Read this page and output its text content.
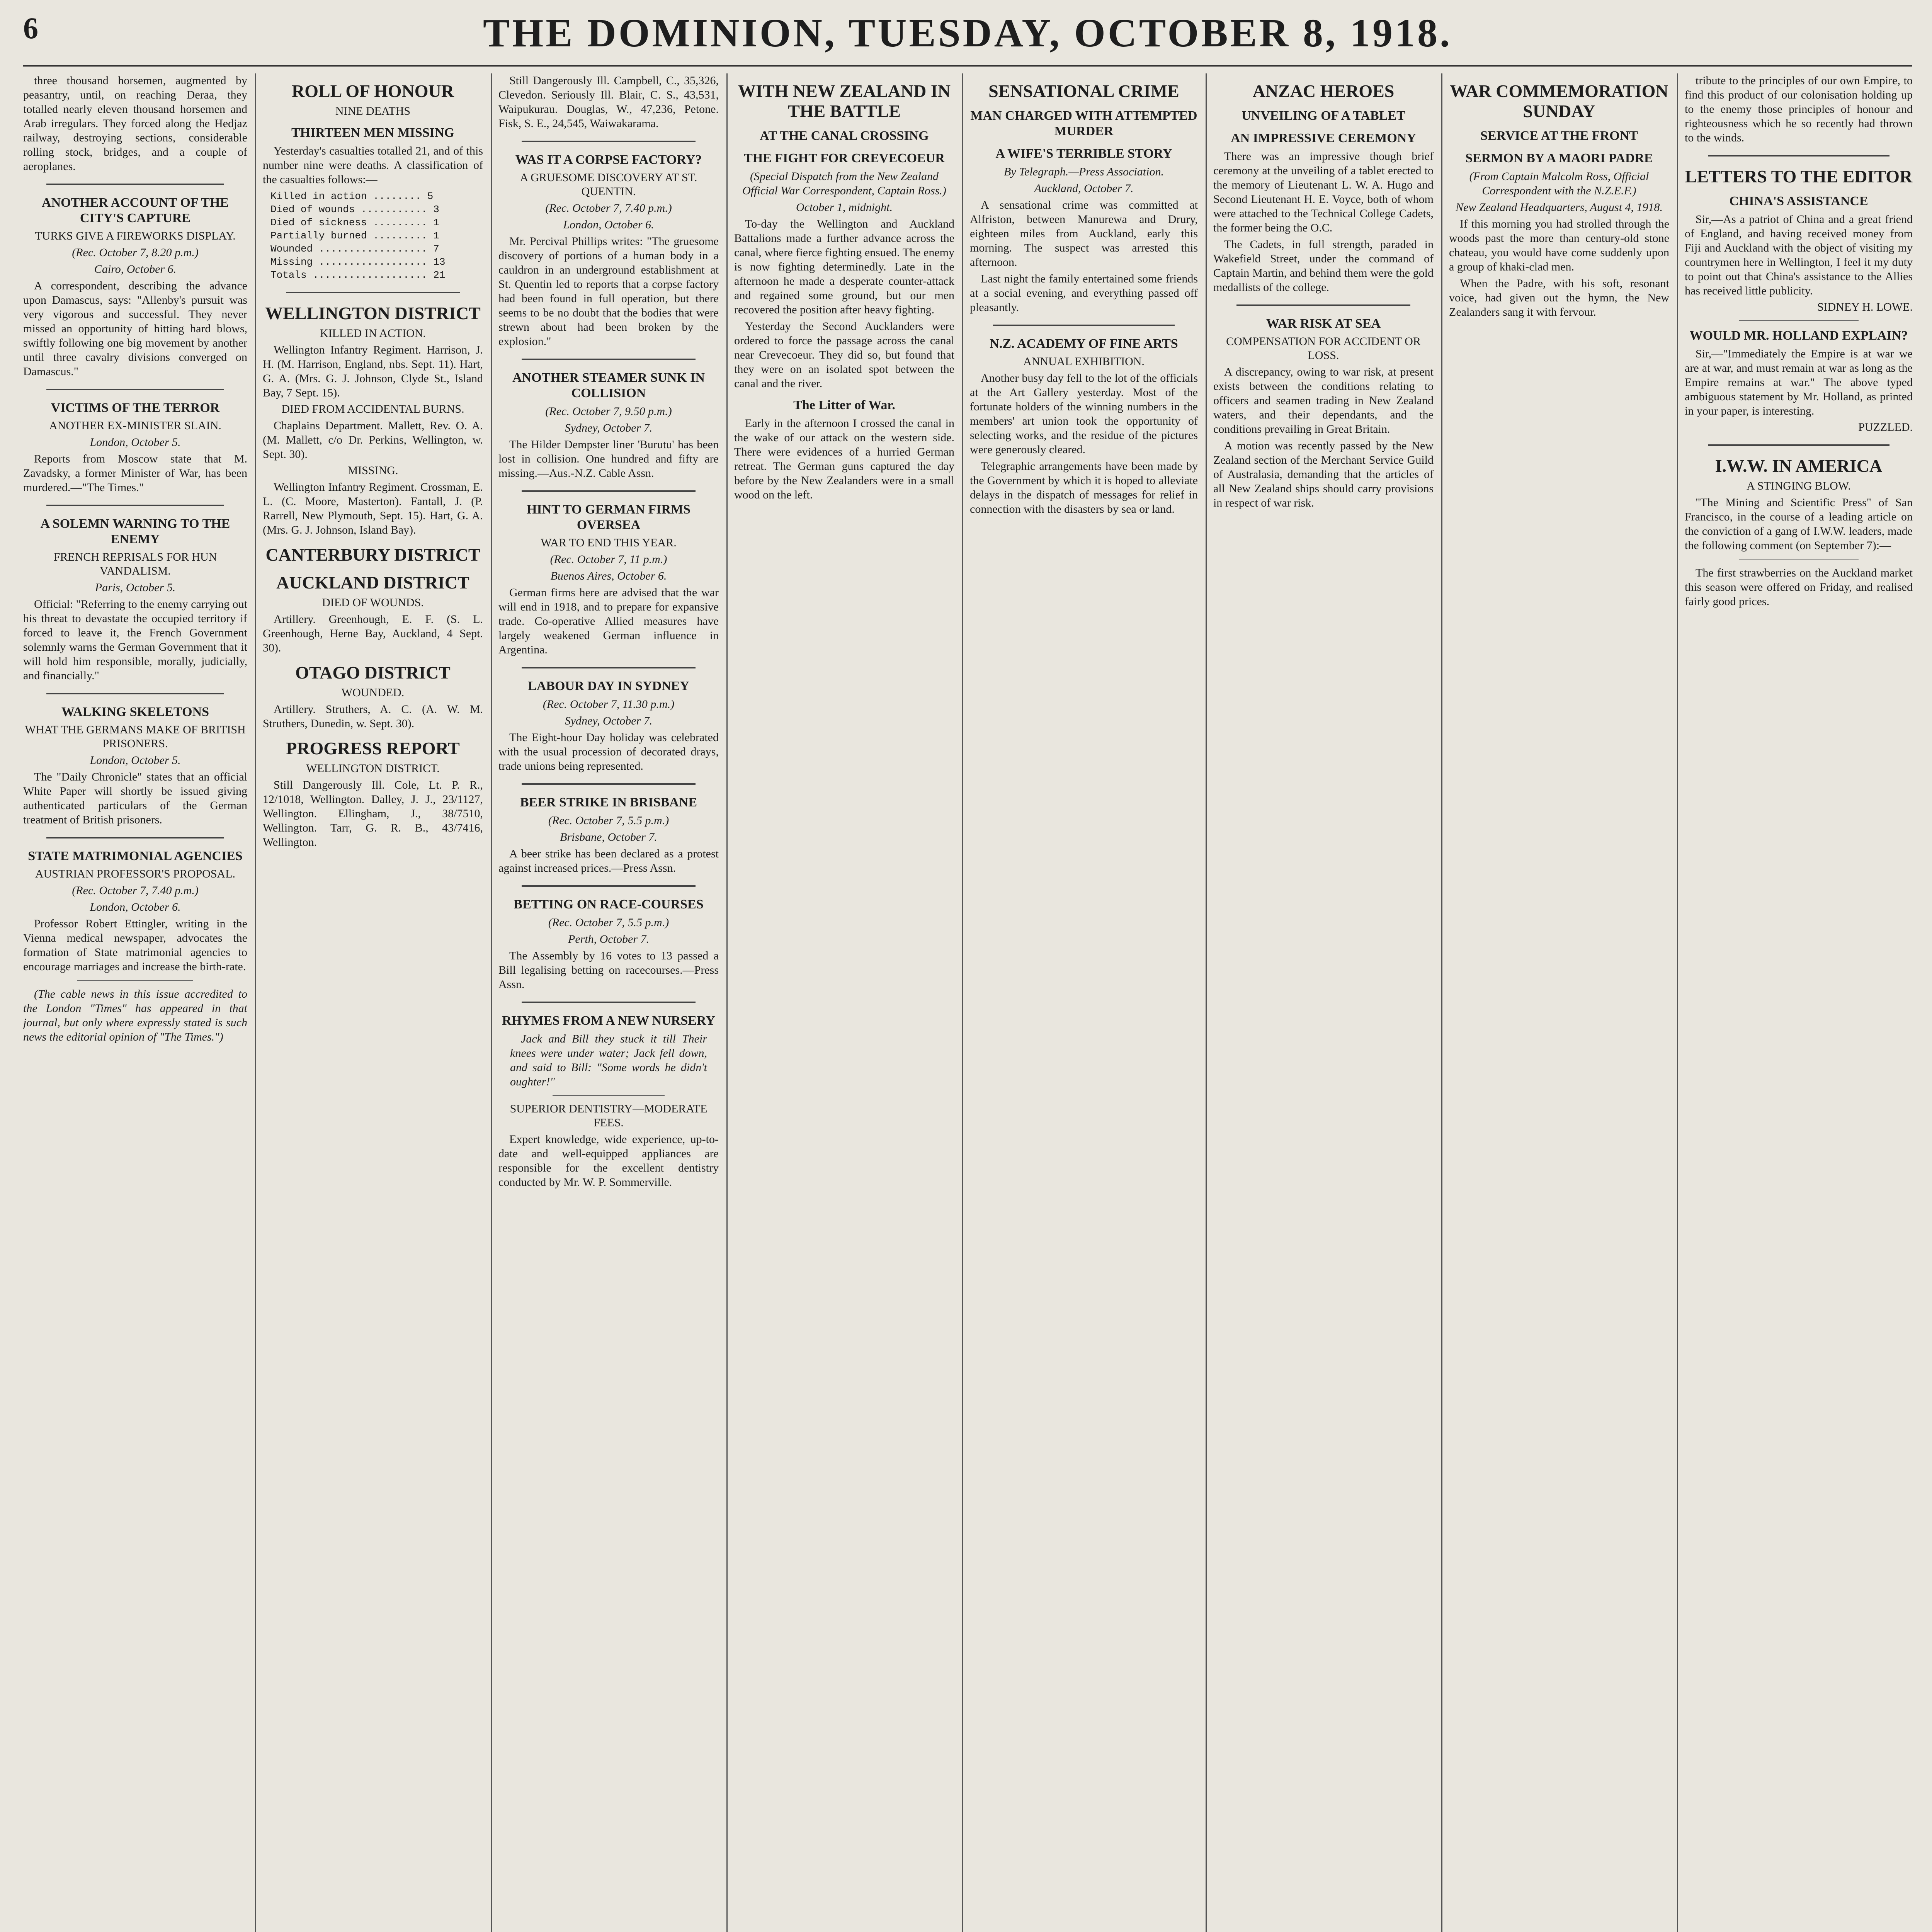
6	THE DOMINION, TUESDAY, OCTOBER 8, 1918.

three thousand horsemen, augmented by peasantry, until, on reaching Deraa, they totalled nearly eleven thousand horsemen and Arab irregulars. They forced along the Hedjaz railway, destroying sections, considerable rolling stock, bridges, and a couple of aeroplanes.

ANOTHER ACCOUNT OF THE CITY'S CAPTURE
TURKS GIVE A FIREWORKS DISPLAY.
(Rec. October 7, 8.20 p.m.)
Cairo, October 6.

A correspondent, describing the advance upon Damascus, says: "Allenby's pursuit was very vigorous and successful. They never missed an opportunity of hitting hard blows, swiftly following one big movement by another until three cavalry divisions converged on Damascus."

VICTIMS OF THE TERROR
ANOTHER EX-MINISTER SLAIN.
London, October 5.

Reports from Moscow state that M. Zavadsky, a former Minister of War, has been murdered.—"The Times."

A SOLEMN WARNING TO THE ENEMY
FRENCH REPRISALS FOR HUN VANDALISM.
Paris, October 5.

Official: "Referring to the enemy carrying out his threat to devastate the occupied territory if forced to leave it, the French Government solemnly warns the German Government that it will hold him responsible, morally, judicially, and financially."

WALKING SKELETONS
WHAT THE GERMANS MAKE OF BRITISH PRISONERS.
London, October 5.

The "Daily Chronicle" states that an official White Paper will shortly be issued giving authenticated particulars of the German treatment of British prisoners.

STATE MATRIMONIAL AGENCIES
AUSTRIAN PROFESSOR'S PROPOSAL.
(Rec. October 7, 7.40 p.m.)
London, October 6.

Professor Robert Ettingler, writing in the Vienna medical newspaper, advocates the formation of State matrimonial agencies to encourage marriages and increase the birth-rate.

(The cable news in this issue accredited to the London "Times" has appeared in that journal, but only where expressly stated is such news the editorial opinion of "The Times.")

ROLL OF HONOUR
NINE DEATHS
THIRTEEN MEN MISSING

Yesterday's casualties totalled 21, and of this number nine were deaths. A classification of the casualties follows:—

Killed in action ........ 5
Died of wounds ........... 3
Died of sickness ......... 1
Partially burned ......... 1
Wounded .................. 7
Missing .................. 13
Totals ................... 21
WELLINGTON DISTRICT
KILLED IN ACTION.

Wellington Infantry Regiment. Harrison, J. H. (M. Harrison, England, nbs. Sept. 11). Hart, G. A. (Mrs. G. J. Johnson, Clyde St., Island Bay, 7 Sept. 15).

DIED FROM ACCIDENTAL BURNS.

Chaplains Department. Mallett, Rev. O. A. (M. Mallett, c/o Dr. Perkins, Wellington, w. Sept. 30).

MISSING.

Wellington Infantry Regiment. Crossman, E. L. (C. Moore, Masterton). Fantall, J. (P. Rarrell, New Plymouth, Sept. 15). Hart, G. A. (Mrs. G. J. Johnson, Island Bay).

CANTERBURY DISTRICT
AUCKLAND DISTRICT
DIED OF WOUNDS.

Artillery. Greenhough, E. F. (S. L. Greenhough, Herne Bay, Auckland, 4 Sept. 30).

OTAGO DISTRICT
WOUNDED.

Artillery. Struthers, A. C. (A. W. M. Struthers, Dunedin, w. Sept. 30).

PROGRESS REPORT
WELLINGTON DISTRICT.

Still Dangerously Ill. Cole, Lt. P. R., 12/1018, Wellington. Dalley, J. J., 23/1127, Wellington. Ellingham, J., 38/7510, Wellington. Tarr, G. R. B., 43/7416, Wellington.

Still Dangerously Ill. Campbell, C., 35,326, Clevedon. Seriously Ill. Blair, C. S., 43,531, Waipukurau. Douglas, W., 47,236, Petone. Fisk, S. E., 24,545, Waiwakarama.

WAS IT A CORPSE FACTORY?
A GRUESOME DISCOVERY AT ST. QUENTIN.
(Rec. October 7, 7.40 p.m.)
London, October 6.

Mr. Percival Phillips writes: "The gruesome discovery of portions of a human body in a cauldron in an underground establishment at St. Quentin led to reports that a corpse factory had been found in full operation, but there seems to be no doubt that the bodies that were strewn about had been broken by the explosion."

ANOTHER STEAMER SUNK IN COLLISION
(Rec. October 7, 9.50 p.m.)
Sydney, October 7.

The Hilder Dempster liner 'Burutu' has been lost in collision. One hundred and fifty are missing.—Aus.-N.Z. Cable Assn.

HINT TO GERMAN FIRMS OVERSEA
WAR TO END THIS YEAR.
(Rec. October 7, 11 p.m.)
Buenos Aires, October 6.

German firms here are advised that the war will end in 1918, and to prepare for expansive trade. Co-operative Allied measures have largely weakened German influence in Argentina.

LABOUR DAY IN SYDNEY
(Rec. October 7, 11.30 p.m.)
Sydney, October 7.

The Eight-hour Day holiday was celebrated with the usual procession of decorated drays, trade unions being represented.

BEER STRIKE IN BRISBANE
(Rec. October 7, 5.5 p.m.)
Brisbane, October 7.

A beer strike has been declared as a protest against increased prices.—Press Assn.

BETTING ON RACE-COURSES
(Rec. October 7, 5.5 p.m.)
Perth, October 7.

The Assembly by 16 votes to 13 passed a Bill legalising betting on racecourses.—Press Assn.

RHYMES FROM A NEW NURSERY

Jack and Bill they stuck it till Their knees were under water; Jack fell down, and said to Bill: "Some words he didn't oughter!"

SUPERIOR DENTISTRY—MODERATE FEES.

Expert knowledge, wide experience, up-to-date and well-equipped appliances are responsible for the excellent dentistry conducted by Mr. W. P. Sommerville.

WITH NEW ZEALAND IN THE BATTLE
AT THE CANAL CROSSING
THE FIGHT FOR CREVECOEUR
(Special Dispatch from the New Zealand Official War Correspondent, Captain Ross.)
October 1, midnight.

To-day the Wellington and Auckland Battalions made a further advance across the canal, where fierce fighting ensued. The enemy is now fighting determinedly. Late in the afternoon he made a desperate counter-attack and regained some ground, but our men recovered the position after heavy fighting.

Yesterday the Second Aucklanders were ordered to force the passage across the canal near Crevecoeur. They did so, but found that they were on an isolated spot between the canal and the river.

The Litter of War.

Early in the afternoon I crossed the canal in the wake of our attack on the western side. There were evidences of a hurried German retreat. The German guns captured the day before by the New Zealanders were in a small wood on the left.

SENSATIONAL CRIME
MAN CHARGED WITH ATTEMPTED MURDER
A WIFE'S TERRIBLE STORY
By Telegraph.—Press Association.
Auckland, October 7.

A sensational crime was committed at Alfriston, between Manurewa and Drury, eighteen miles from Auckland, early this morning. The suspect was arrested this afternoon.

Last night the family entertained some friends at a social evening, and everything passed off pleasantly.

N.Z. ACADEMY OF FINE ARTS
ANNUAL EXHIBITION.

Another busy day fell to the lot of the officials at the Art Gallery yesterday. Most of the fortunate holders of the winning numbers in the members' art union took the opportunity of selecting works, and the residue of the pictures were generously cleared.

Telegraphic arrangements have been made by the Government by which it is hoped to alleviate delays in the dispatch of messages for relief in connection with the disasters by sea or land.

ANZAC HEROES
UNVEILING OF A TABLET
AN IMPRESSIVE CEREMONY

There was an impressive though brief ceremony at the unveiling of a tablet erected to the memory of Lieutenant L. W. A. Hugo and Second Lieutenant H. E. Voyce, both of whom were attached to the Technical College Cadets, the former being the O.C.

The Cadets, in full strength, paraded in Wakefield Street, under the command of Captain Martin, and behind them were the gold medallists of the college.

WAR RISK AT SEA
COMPENSATION FOR ACCIDENT OR LOSS.

A discrepancy, owing to war risk, at present exists between the conditions relating to officers and seamen trading in New Zealand waters, and their dependants, and the conditions prevailing in Great Britain.

A motion was recently passed by the New Zealand section of the Merchant Service Guild of Australasia, demanding that the articles of all New Zealand ships should carry provisions in respect of war risk.

WAR COMMEMORATION SUNDAY
SERVICE AT THE FRONT
SERMON BY A MAORI PADRE
(From Captain Malcolm Ross, Official Correspondent with the N.Z.E.F.)
New Zealand Headquarters, August 4, 1918.

If this morning you had strolled through the woods past the more than century-old stone chateau, you would have come suddenly upon a group of khaki-clad men.

When the Padre, with his soft, resonant voice, had given out the hymn, the New Zealanders sang it with fervour.

tribute to the principles of our own Empire, to find this product of our colonisation holding up to the enemy those principles of honour and righteousness which he so recently had thrown to the winds.

LETTERS TO THE EDITOR
CHINA'S ASSISTANCE

Sir,—As a patriot of China and a great friend of England, and having received money from Fiji and Auckland with the object of visiting my countrymen here in Wellington, I feel it my duty to point out that China's assistance to the Allies has received little publicity.

SIDNEY H. LOWE.
WOULD MR. HOLLAND EXPLAIN?

Sir,—"Immediately the Empire is at war we are at war, and must remain at war as long as the Empire remains at war." The above typed ambiguous statement by Mr. Holland, as printed in your paper, is interesting.

PUZZLED.
I.W.W. IN AMERICA
A STINGING BLOW.

"The Mining and Scientific Press" of San Francisco, in the course of a leading article on the conviction of a gang of I.W.W. leaders, made the following comment (on September 7):—

The first strawberries on the Auckland market this season were offered on Friday, and realised fairly good prices.
